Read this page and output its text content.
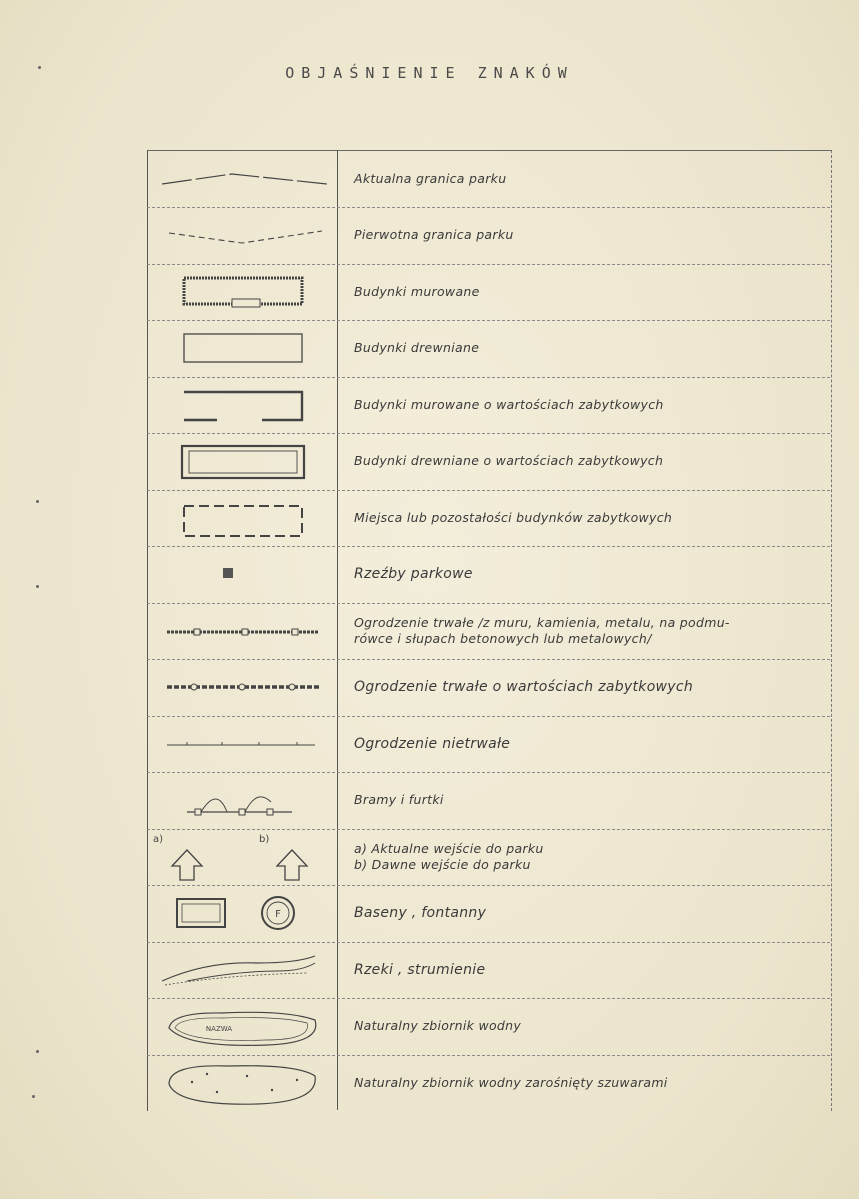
OBJAŚNIENIE ZNAKÓW
Aktualna granica parku
Pierwotna granica parku
Budynki murowane
Budynki drewniane
Budynki murowane o wartościach zabytkowych
Budynki drewniane o wartościach zabytkowych
Miejsca lub pozostałości budynków zabytkowych
Rzeźby parkowe
Ogrodzenie trwałe /z muru, kamienia, metalu, na podmu-
rówce i słupach betonowych lub metalowych/
Ogrodzenie trwałe o wartościach zabytkowych
Ogrodzenie nietrwałe
Bramy i furtki
a)	b)
a) Aktualne wejście do parku
b) Dawne wejście do parku
F	Baseny , fontanny
Rzeki , strumienie
NAZWA	Naturalny zbiornik wodny
Naturalny zbiornik wodny zarośnięty szuwarami
